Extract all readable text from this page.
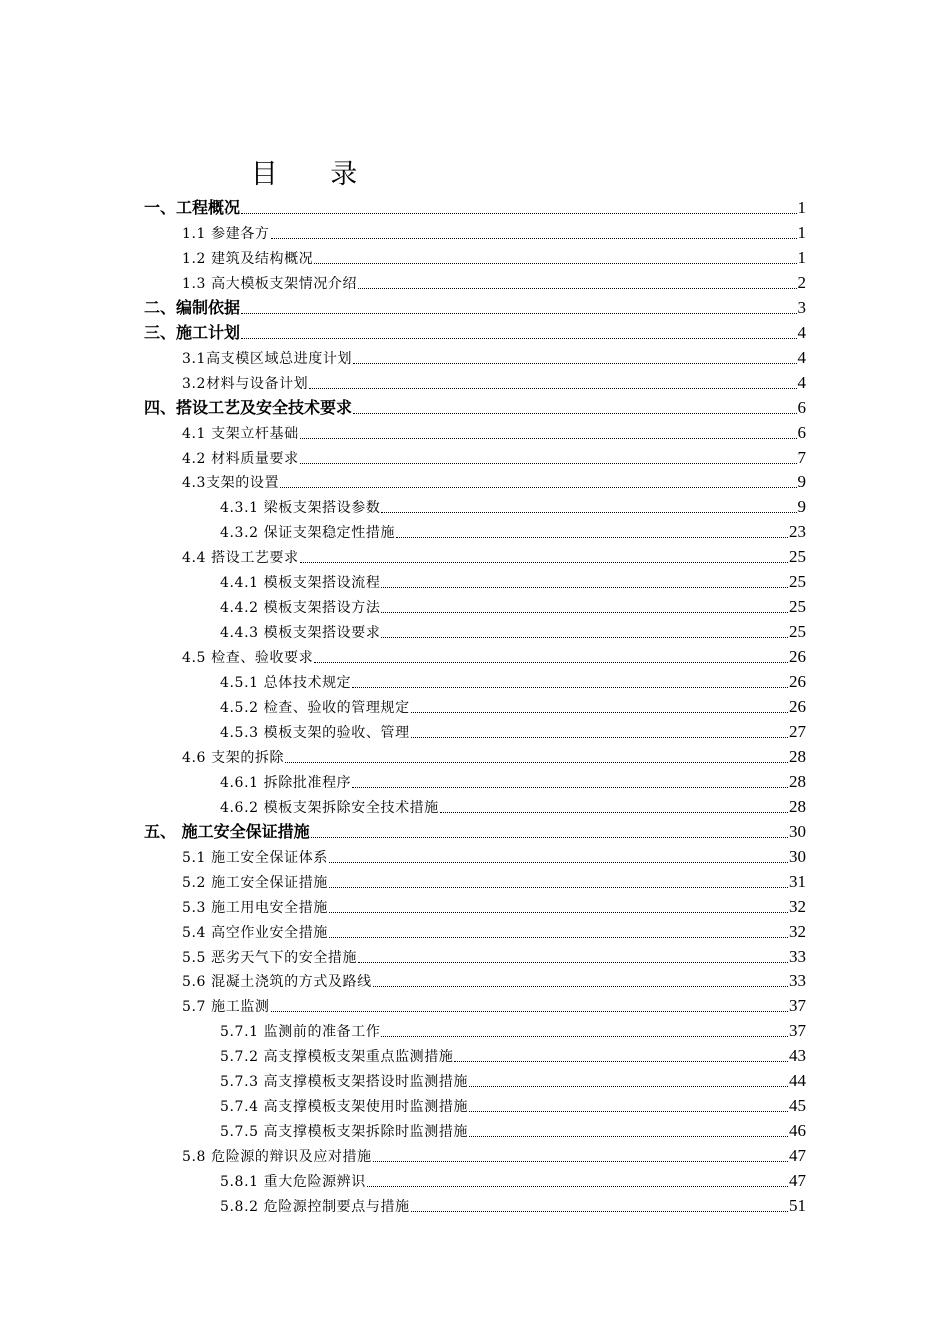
目 录
一、工程概况	1
1.1 参建各方	1
1.2 建筑及结构概况	1
1.3 高大模板支架情况介绍	2
二、编制依据	3
三、施工计划	4
3.1高支模区域总进度计划	4
3.2材料与设备计划	4
四、搭设工艺及安全技术要求	6
4.1 支架立杆基础	6
4.2 材料质量要求	7
4.3支架的设置	9
4.3.1 梁板支架搭设参数	9
4.3.2 保证支架稳定性措施	23
4.4 搭设工艺要求	25
4.4.1 模板支架搭设流程	25
4.4.2 模板支架搭设方法	25
4.4.3 模板支架搭设要求	25
4.5 检查、验收要求	26
4.5.1 总体技术规定	26
4.5.2 检查、验收的管理规定	26
4.5.3 模板支架的验收、管理	27
4.6 支架的拆除	28
4.6.1 拆除批准程序	28
4.6.2 模板支架拆除安全技术措施	28
五、 施工安全保证措施	30
5.1 施工安全保证体系	30
5.2 施工安全保证措施	31
5.3 施工用电安全措施	32
5.4 高空作业安全措施	32
5.5 恶劣天气下的安全措施	33
5.6 混凝土浇筑的方式及路线	33
5.7 施工监测	37
5.7.1 监测前的准备工作	37
5.7.2 高支撑模板支架重点监测措施	43
5.7.3 高支撑模板支架搭设时监测措施	44
5.7.4 高支撑模板支架使用时监测措施	45
5.7.5 高支撑模板支架拆除时监测措施	46
5.8 危险源的辩识及应对措施	47
5.8.1 重大危险源辨识	47
5.8.2 危险源控制要点与措施	51
